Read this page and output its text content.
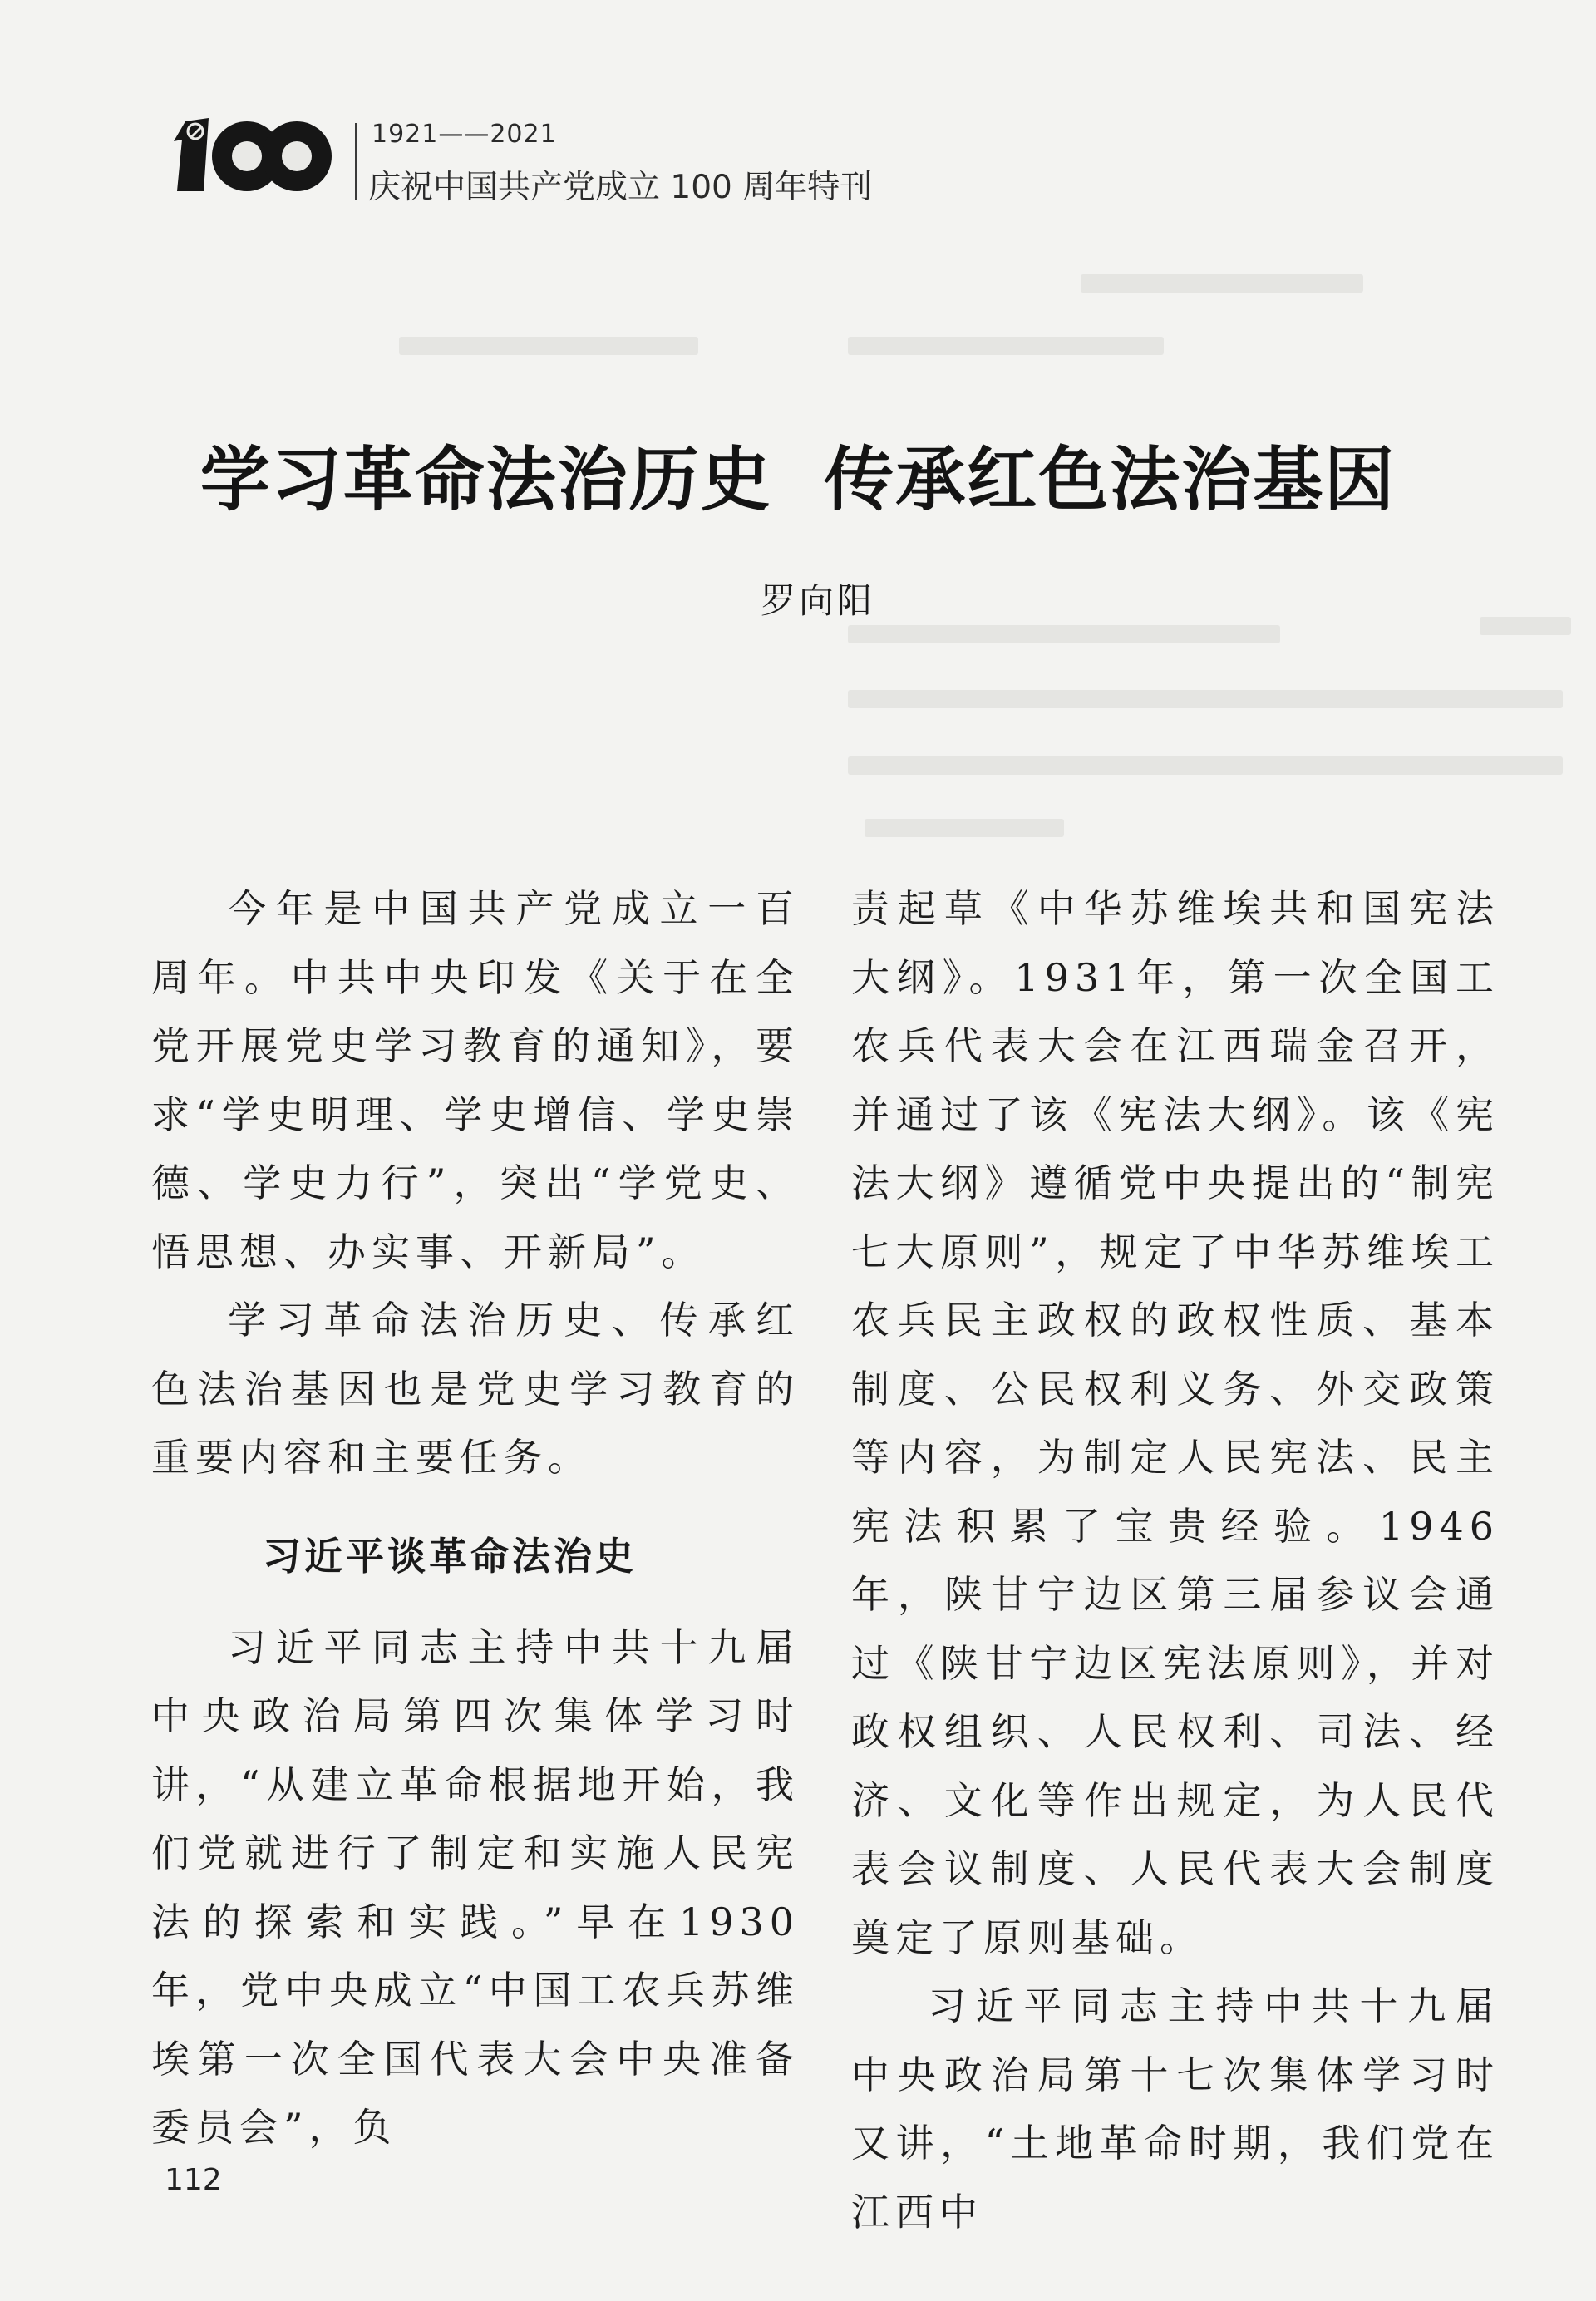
1921——2021
庆祝中国共产党成立 100 周年特刊
学习革命法治历史  传承红色法治基因
罗向阳

今年是中国共产党成立一百周年。中共中央印发《关于在全党开展党史学习教育的通知》，要求“学史明理、学史增信、学史崇德、学史力行”，突出“学党史、悟思想、办实事、开新局”。

学习革命法治历史、传承红色法治基因也是党史学习教育的重要内容和主要任务。

习近平谈革命法治史

习近平同志主持中共十九届中央政治局第四次集体学习时讲，“从建立革命根据地开始，我们党就进行了制定和实施人民宪法的探索和实践。”早在1930年，党中央成立“中国工农兵苏维埃第一次全国代表大会中央准备委员会”，负

责起草《中华苏维埃共和国宪法大纲》。1931年，第一次全国工农兵代表大会在江西瑞金召开，并通过了该《宪法大纲》。该《宪法大纲》遵循党中央提出的“制宪七大原则”，规定了中华苏维埃工农兵民主政权的政权性质、基本制度、公民权利义务、外交政策等内容，为制定人民宪法、民主宪法积累了宝贵经验。1946年，陕甘宁边区第三届参议会通过《陕甘宁边区宪法原则》，并对政权组织、人民权利、司法、经济、文化等作出规定，为人民代表会议制度、人民代表大会制度奠定了原则基础。

习近平同志主持中共十九届中央政治局第十七次集体学习时又讲，“土地革命时期，我们党在江西中

112
